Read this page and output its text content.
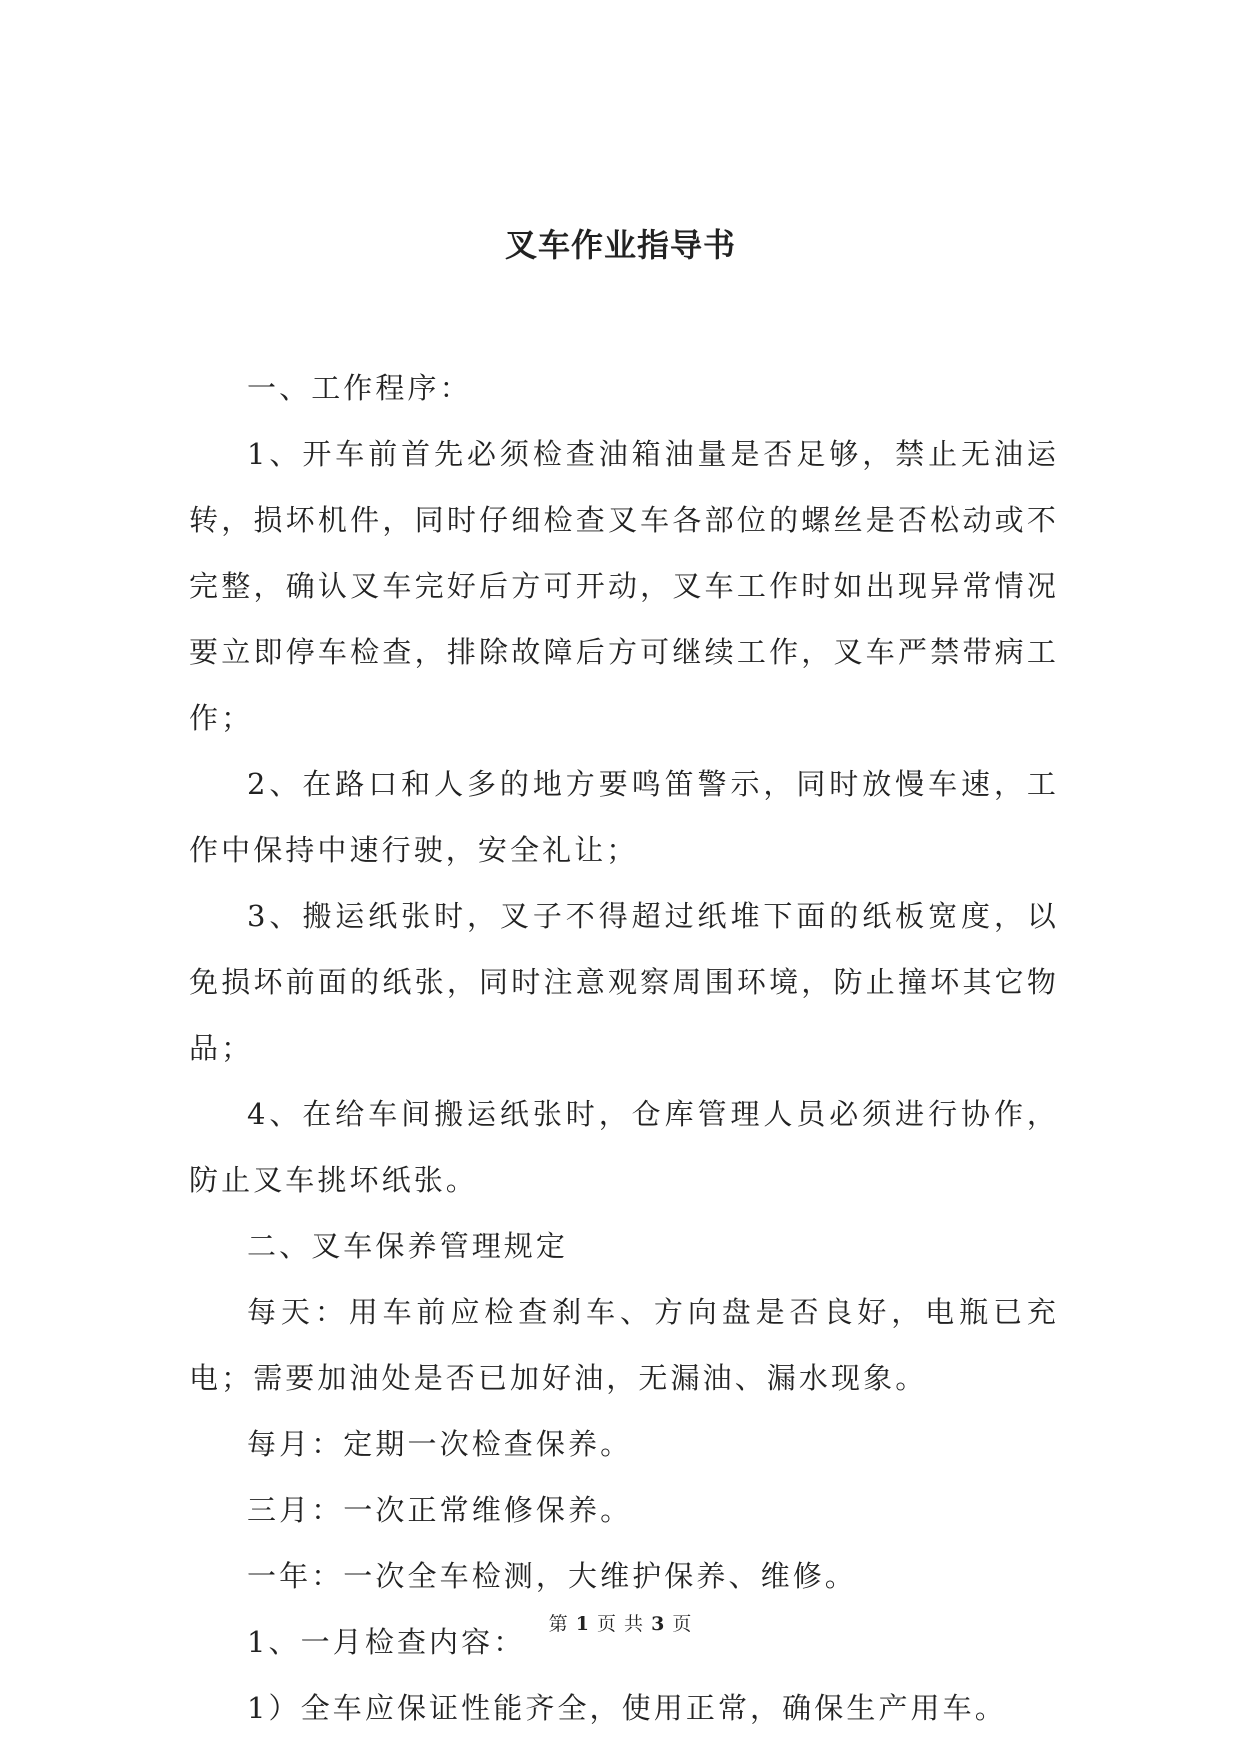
叉车作业指导书

一、工作程序：

1、开车前首先必须检查油箱油量是否足够，禁止无油运转，损坏机件，同时仔细检查叉车各部位的螺丝是否松动或不完整，确认叉车完好后方可开动，叉车工作时如出现异常情况要立即停车检查，排除故障后方可继续工作，叉车严禁带病工作；

2、在路口和人多的地方要鸣笛警示，同时放慢车速，工作中保持中速行驶，安全礼让；

3、搬运纸张时，叉子不得超过纸堆下面的纸板宽度，以免损坏前面的纸张，同时注意观察周围环境，防止撞坏其它物品；

4、在给车间搬运纸张时，仓库管理人员必须进行协作，防止叉车挑坏纸张。

二、叉车保养管理规定

每天：用车前应检查刹车、方向盘是否良好，电瓶已充电；需要加油处是否已加好油，无漏油、漏水现象。

每月：定期一次检查保养。

三月：一次正常维修保养。

一年：一次全车检测，大维护保养、维修。

1、一月检查内容：

1）全车应保证性能齐全，使用正常，确保生产用车。

第 1 页 共 3 页
